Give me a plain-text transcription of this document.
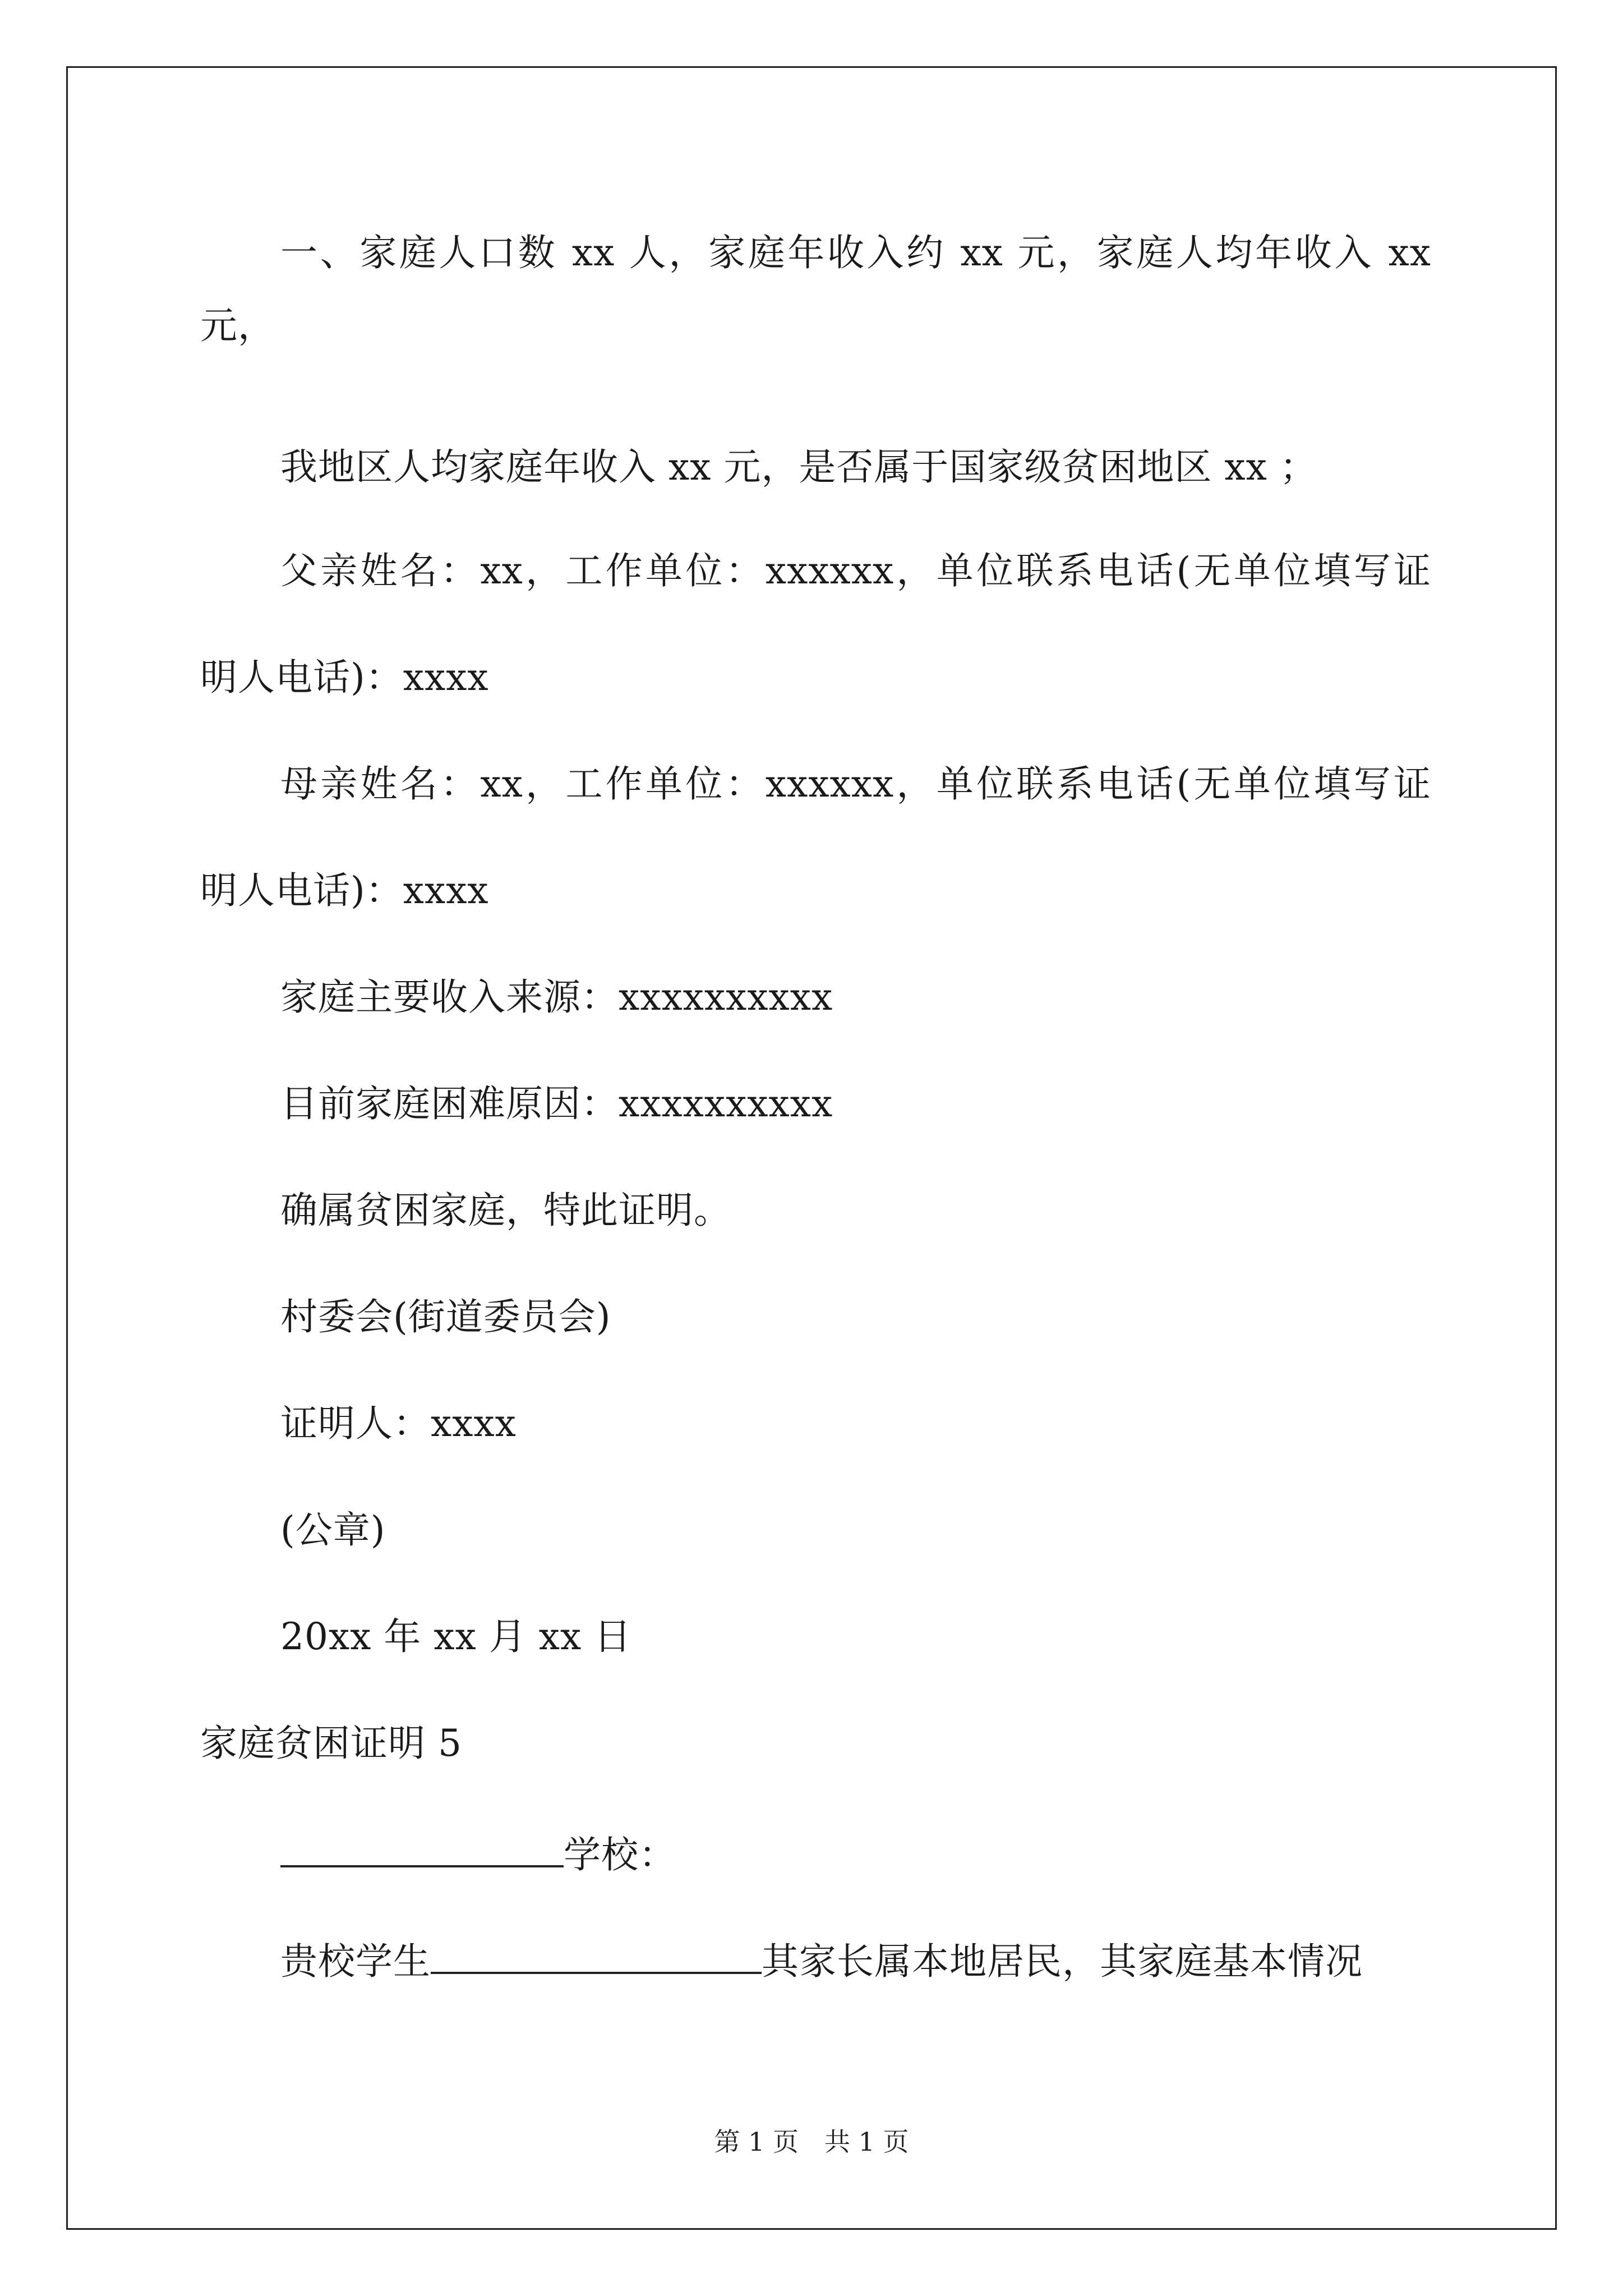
一、家庭人口数 xx 人，家庭年收入约 xx 元，家庭人均年收入 xx
元，
我地区人均家庭年收入 xx 元，是否属于国家级贫困地区 xx ；
父亲姓名：xx，工作单位：xxxxxx，单位联系电话(无单位填写证
明人电话)：xxxx
母亲姓名：xx，工作单位：xxxxxx，单位联系电话(无单位填写证
明人电话)：xxxx
家庭主要收入来源：xxxxxxxxxx
目前家庭困难原因：xxxxxxxxxx
确属贫困家庭，特此证明。
村委会(街道委员会)
证明人：xxxx
(公章)
20xx 年 xx 月 xx 日
家庭贫困证明 5
学校：
贵校学生	其家长属本地居民，其家庭基本情况
第 1 页　共 1 页
